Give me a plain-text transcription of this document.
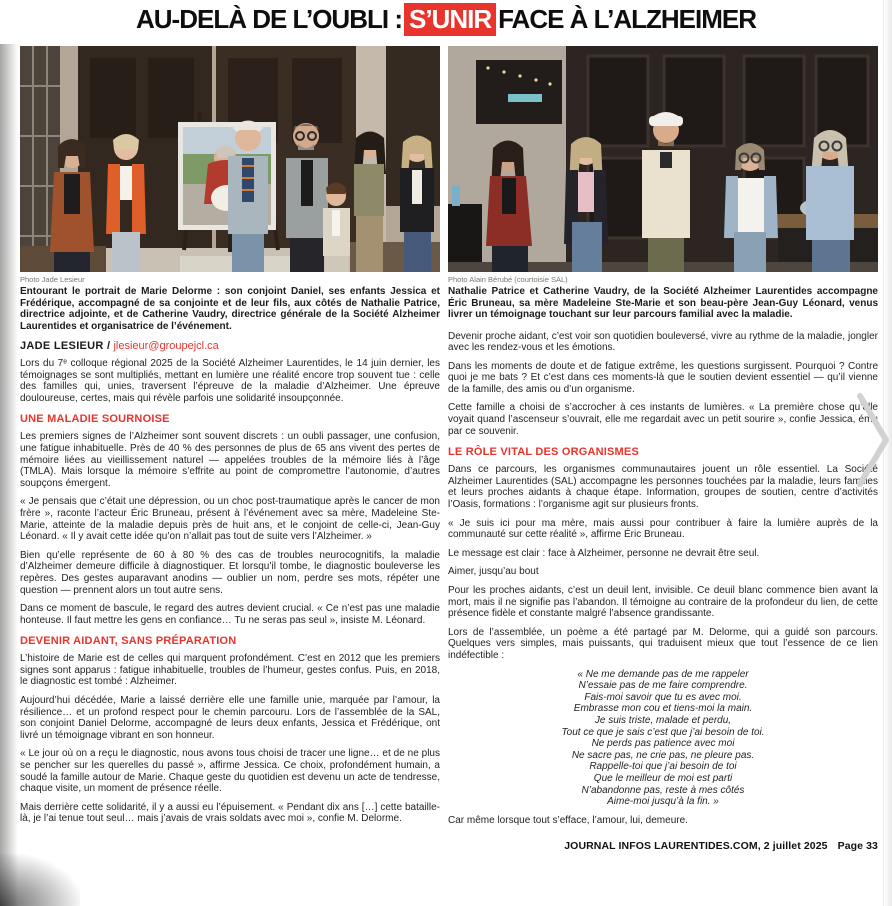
AU-DELÀ DE L’OUBLI : S’UNIR FACE À L’ALZHEIMER
Photo Jade Lesieur
Entourant le portrait de Marie Delorme : son conjoint Daniel, ses enfants Jessica et Frédérique, accompagné de sa conjointe et de leur fils, aux côtés de Nathalie Patrice, directrice adjointe, et de Catherine Vaudry, directrice générale de la Société Alzheimer Laurentides et organisatrice de l’événement.
JADE LESIEUR / jlesieur@groupejcl.ca

Lors du 7ᵉ colloque régional 2025 de la Société Alzheimer Laurentides, le 14 juin dernier, les témoignages se sont multipliés, mettant en lumière une réalité encore trop souvent tue : celle des familles qui, unies, traversent l’épreuve de la maladie d’Alzheimer. Une épreuve douloureuse, certes, mais qui révèle parfois une solidarité insoupçonnée.

UNE MALADIE SOURNOISE

Les premiers signes de l’Alzheimer sont souvent discrets : un oubli passager, une confusion, une fatigue inhabituelle. Près de 40 % des personnes de plus de 65 ans vivent des pertes de mémoire liées au vieillissement naturel — appelées troubles de la mémoire liés à l’âge (TMLA). Mais lorsque la mémoire s’effrite au point de compromettre l’autonomie, d’autres soupçons émergent.

« Je pensais que c’était une dépression, ou un choc post-traumatique après le cancer de mon frère », raconte l’acteur Éric Bruneau, présent à l’événement avec sa mère, Madeleine Ste-Marie, atteinte de la maladie depuis près de huit ans, et le conjoint de celle-ci, Jean-Guy Léonard. « Il y avait cette idée qu’on n’allait pas tout de suite vers l’Alzheimer. »

Bien qu’elle représente de 60 à 80 % des cas de troubles neurocognitifs, la maladie d’Alzheimer demeure difficile à diagnostiquer. Et lorsqu’il tombe, le diagnostic bouleverse les repères. Des gestes auparavant anodins — oublier un nom, perdre ses mots, répéter une question — prennent alors un tout autre sens.

Dans ce moment de bascule, le regard des autres devient crucial. « Ce n’est pas une maladie honteuse. Il faut mettre les gens en confiance… Tu ne seras pas seul », insiste M. Léonard.

DEVENIR AIDANT, SANS PRÉPARATION

L’histoire de Marie est de celles qui marquent profondément. C’est en 2012 que les premiers signes sont apparus : fatigue inhabituelle, troubles de l’humeur, gestes confus. Puis, en 2018, le diagnostic est tombé : Alzheimer.

Aujourd’hui décédée, Marie a laissé derrière elle une famille unie, marquée par l’amour, la résilience… et un profond respect pour le chemin parcouru. Lors de l’assemblée de la SAL, son conjoint Daniel Delorme, accompagné de leurs deux enfants, Jessica et Frédérique, ont livré un témoignage vibrant en son honneur.

« Le jour où on a reçu le diagnostic, nous avons tous choisi de tracer une ligne… et de ne plus se pencher sur les querelles du passé », affirme Jessica. Ce choix, profondément humain, a soudé la famille autour de Marie. Chaque geste du quotidien est devenu un acte de tendresse, chaque visite, un moment de présence réelle.

Mais derrière cette solidarité, il y a aussi eu l’épuisement. « Pendant dix ans […] cette bataille-là, je l’ai tenue tout seul… mais j’avais de vrais soldats avec moi », confie M. Delorme.

Photo Alain Bérubé (courtoisie SAL)
Nathalie Patrice et Catherine Vaudry, de la Société Alzheimer Laurentides accompagne Éric Bruneau, sa mère Madeleine Ste-Marie et son beau-père Jean-Guy Léonard, venus livrer un témoignage touchant sur leur parcours familial avec la maladie.

Devenir proche aidant, c’est voir son quotidien bouleversé, vivre au rythme de la maladie, jongler avec les rendez-vous et les émotions.

Dans les moments de doute et de fatigue extrême, les questions surgissent. Pourquoi ? Contre quoi je me bats ? Et c’est dans ces moments-là que le soutien devient essentiel — qu’il vienne de la famille, des amis ou d’un organisme.

Cette famille a choisi de s’accrocher à ces instants de lumières. « La première chose qu’elle voyait quand l’ascenseur s’ouvrait, elle me regardait avec un petit sourire », confie Jessica, ému par ce souvenir.

LE RÔLE VITAL DES ORGANISMES

Dans ce parcours, les organismes communautaires jouent un rôle essentiel. La Société Alzheimer Laurentides (SAL) accompagne les personnes touchées par la maladie, leurs familles et leurs proches aidants à chaque étape. Information, groupes de soutien, centre d’activités l’Oasis, formations : l’organisme agit sur plusieurs fronts.

« Je suis ici pour ma mère, mais aussi pour contribuer à faire la lumière auprès de la communauté sur cette réalité », affirme Éric Bruneau.

Le message est clair : face à Alzheimer, personne ne devrait être seul.

Aimer, jusqu’au bout

Pour les proches aidants, c’est un deuil lent, invisible. Ce deuil blanc commence bien avant la mort, mais il ne signifie pas l’abandon. Il témoigne au contraire de la profondeur du lien, de cette présence fidèle et constante malgré l’absence grandissante.

Lors de l’assemblée, un poème a été partagé par M. Delorme, qui a guidé son parcours. Quelques vers simples, mais puissants, qui traduisent mieux que tout l’essence de ce lien indéfectible :

« Ne me demande pas de me rappeler
N’essaie pas de me faire comprendre.
Fais-moi savoir que tu es avec moi.
Embrasse mon cou et tiens-moi la main.
Je suis triste, malade et perdu,
Tout ce que je sais c’est que j’ai besoin de toi.
Ne perds pas patience avec moi
Ne sacre pas, ne crie pas, ne pleure pas.
Rappelle-toi que j’ai besoin de toi
Que le meilleur de moi est parti
N’abandonne pas, reste à mes côtés
Aime-moi jusqu’à la fin. »
Car même lorsque tout s’efface, l’amour, lui, demeure.
JOURNAL INFOS LAURENTIDES.COM, 2 juillet 2025 Page 33
